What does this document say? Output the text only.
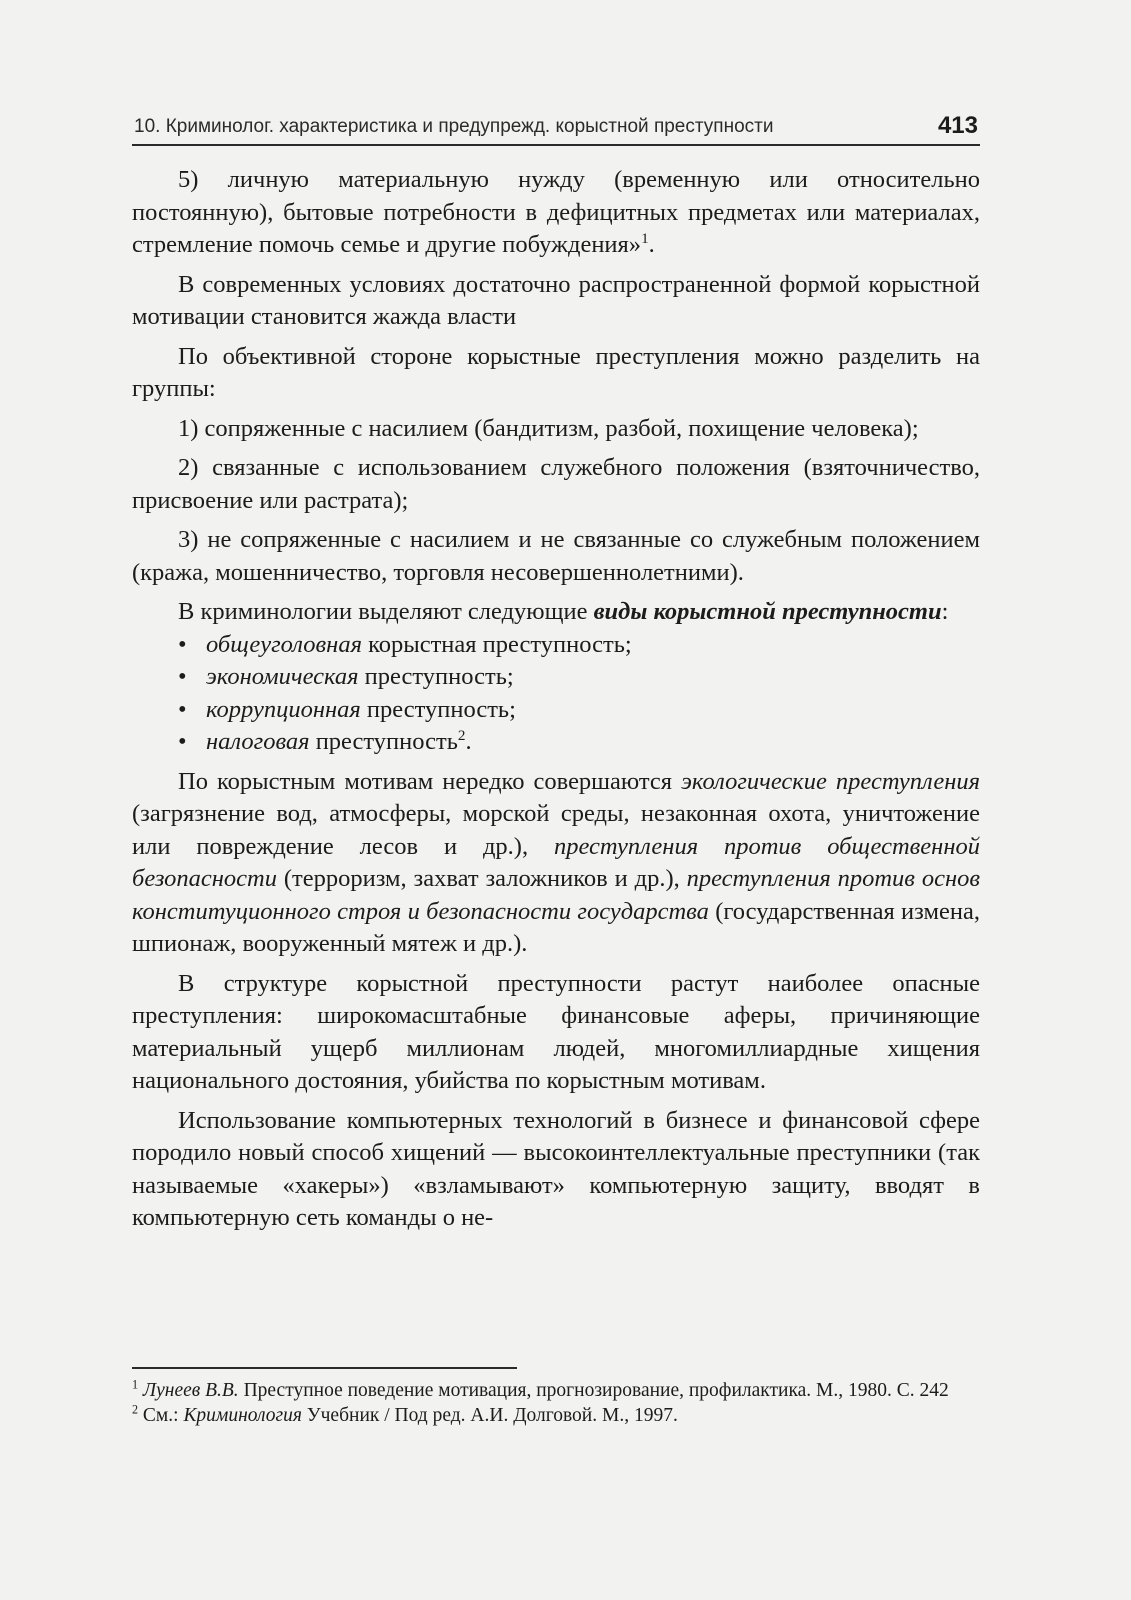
10. Криминолог. характеристика и предупрежд. корыстной преступности	413

5) личную материальную нужду (временную или относительно постоянную), бытовые потребности в дефицитных предметах или материалах, стремление помочь семье и другие побуждения»$^1$.

В современных условиях достаточно распространенной формой корыстной мотивации становится жажда власти

По объективной стороне корыстные преступления можно разделить на группы:

1) сопряженные с насилием (бандитизм, разбой, похищение человека);

2) связанные с использованием служебного положения (взяточничество, присвоение или растрата);

3) не сопряженные с насилием и не связанные со служебным положением (кража, мошенничество, торговля несовершеннолетними).

В криминологии выделяют следующие виды корыстной преступности:

• общеуголовная корыстная преступность;
• экономическая преступность;
• коррупционная преступность;
• налоговая преступность$^2$.

По корыстным мотивам нередко совершаются экологические преступления (загрязнение вод, атмосферы, морской среды, незаконная охота, уничтожение или повреждение лесов и др.), преступления против общественной безопасности (терроризм, захват заложников и др.), преступления против основ конституционного строя и безопасности государства (государственная измена, шпионаж, вооруженный мятеж и др.).

В структуре корыстной преступности растут наиболее опасные преступления: широкомасштабные финансовые аферы, причиняющие материальный ущерб миллионам людей, многомиллиардные хищения национального достояния, убийства по корыстным мотивам.

Использование компьютерных технологий в бизнесе и финансовой сфере породило новый способ хищений — высокоинтеллектуальные преступники (так называемые «хакеры») «взламывают» компьютерную защиту, вводят в компьютерную сеть команды о не-

$^1$ Лунеев В.В. Преступное поведение мотивация, прогнозирование, профилактика. М., 1980. С. 242

$^2$ См.: Криминология Учебник / Под ред. А.И. Долговой. М., 1997.
